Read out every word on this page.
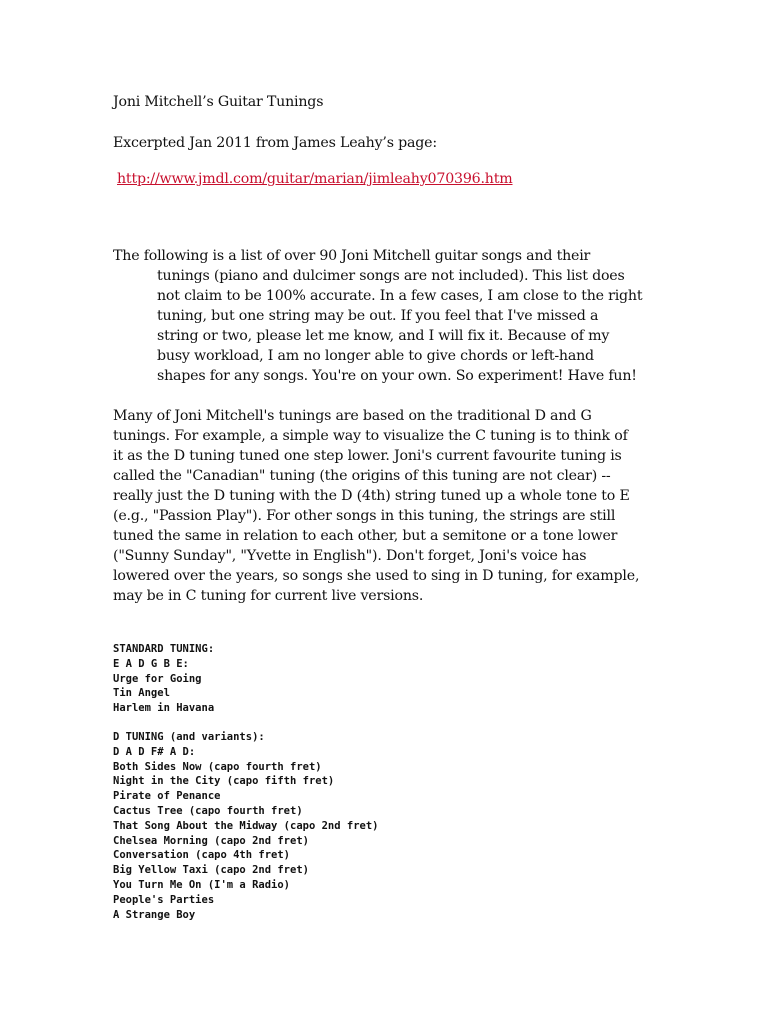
Joni Mitchell’s Guitar Tunings
Excerpted Jan 2011 from James Leahy’s page:
http://www.jmdl.com/guitar/marian/jimleahy070396.htm
The following is a list of over 90 Joni Mitchell guitar songs and their
tunings (piano and dulcimer songs are not included). This list does
not claim to be 100% accurate. In a few cases, I am close to the right
tuning, but one string may be out. If you feel that I've missed a
string or two, please let me know, and I will fix it. Because of my
busy workload, I am no longer able to give chords or left-hand
shapes for any songs. You're on your own. So experiment! Have fun!
Many of Joni Mitchell's tunings are based on the traditional D and G
tunings. For example, a simple way to visualize the C tuning is to think of
it as the D tuning tuned one step lower. Joni's current favourite tuning is
called the "Canadian" tuning (the origins of this tuning are not clear) --
really just the D tuning with the D (4th) string tuned up a whole tone to E
(e.g., "Passion Play"). For other songs in this tuning, the strings are still
tuned the same in relation to each other, but a semitone or a tone lower
("Sunny Sunday", "Yvette in English"). Don't forget, Joni's voice has
lowered over the years, so songs she used to sing in D tuning, for example,
may be in C tuning for current live versions.
STANDARD TUNING:
E A D G B E:
Urge for Going
Tin Angel
Harlem in Havana
D TUNING (and variants):
D A D F# A D:
Both Sides Now (capo fourth fret)
Night in the City (capo fifth fret)
Pirate of Penance
Cactus Tree (capo fourth fret)
That Song About the Midway (capo 2nd fret)
Chelsea Morning (capo 2nd fret)
Conversation (capo 4th fret)
Big Yellow Taxi (capo 2nd fret)
You Turn Me On (I'm a Radio)
People's Parties
A Strange Boy
